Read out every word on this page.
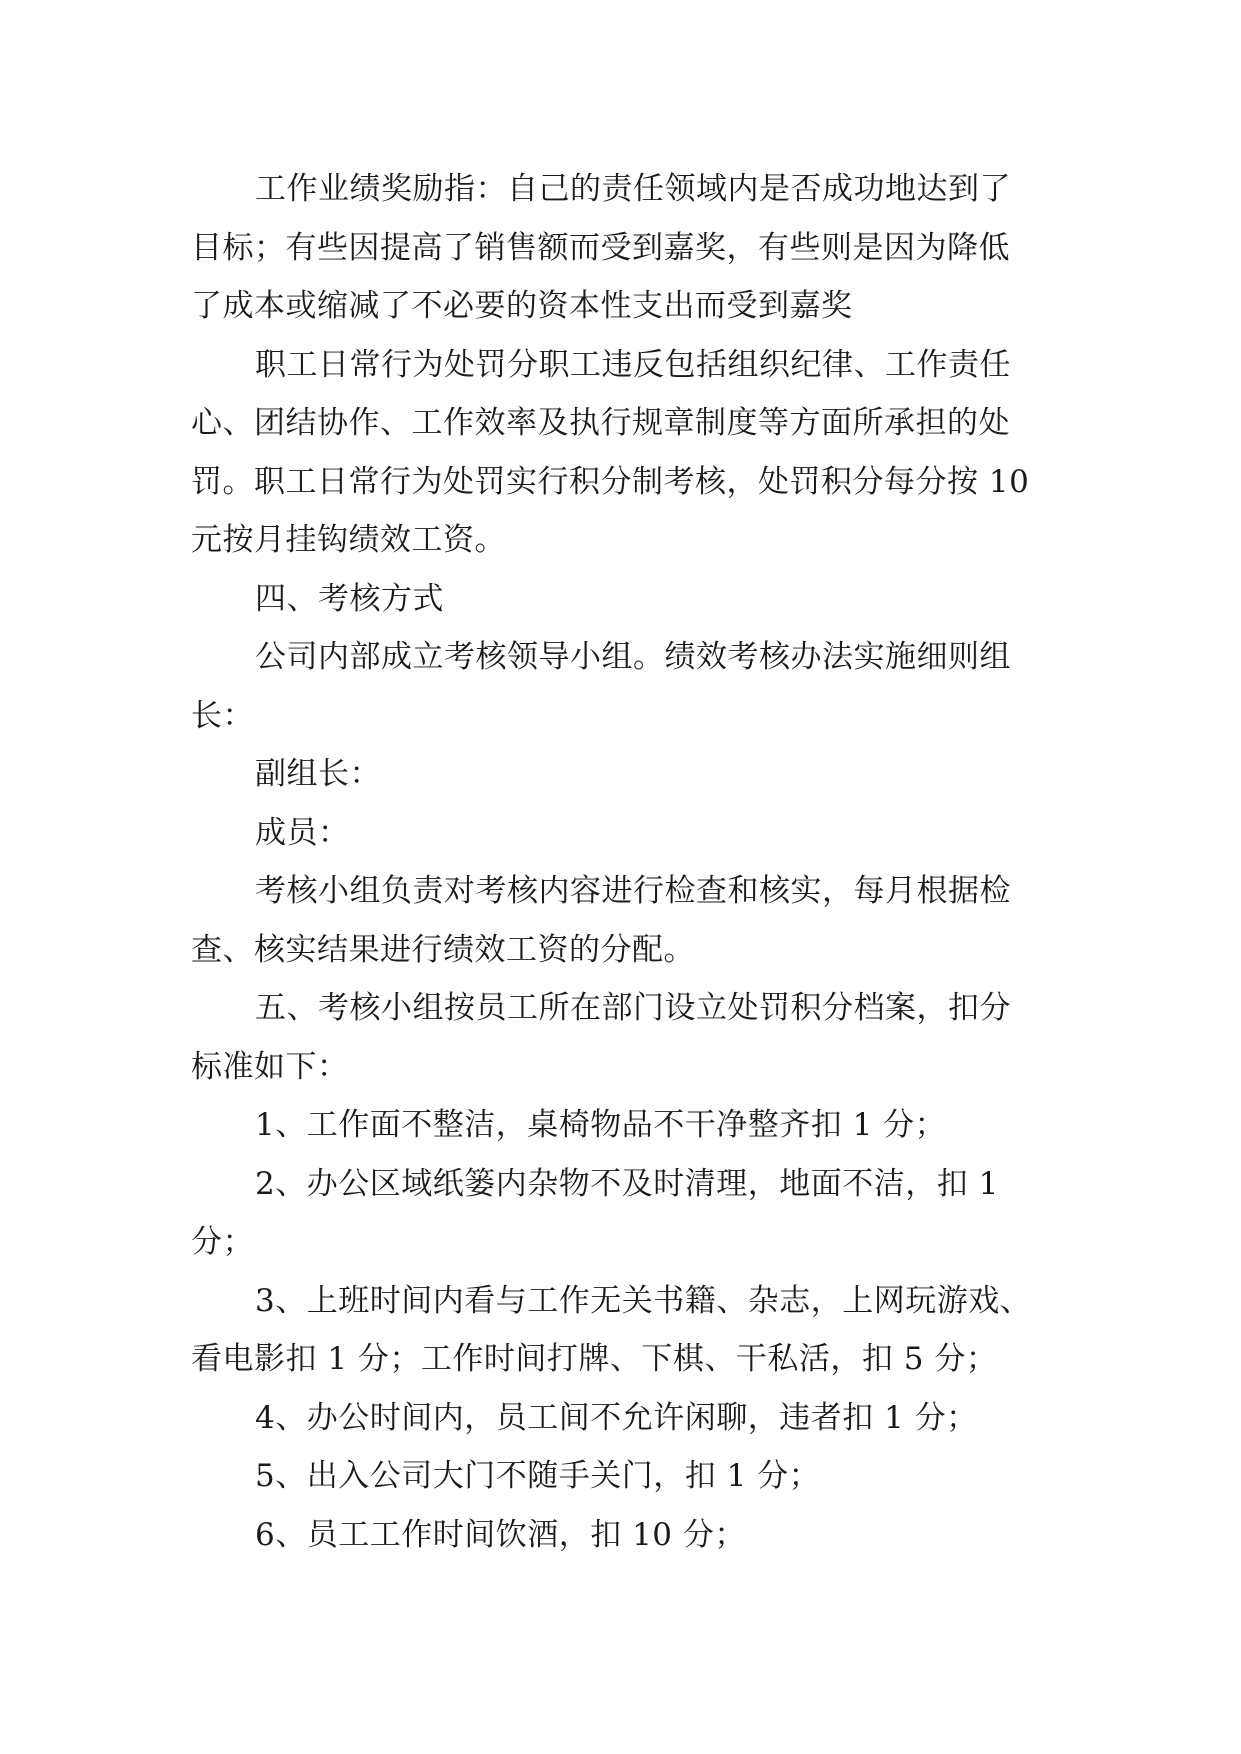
工作业绩奖励指：自己的责任领域内是否成功地达到了

目标；有些因提高了销售额而受到嘉奖，有些则是因为降低

了成本或缩减了不必要的资本性支出而受到嘉奖

职工日常行为处罚分职工违反包括组织纪律、工作责任

心、团结协作、工作效率及执行规章制度等方面所承担的处

罚。职工日常行为处罚实行积分制考核，处罚积分每分按 10

元按月挂钩绩效工资。

四、考核方式

公司内部成立考核领导小组。绩效考核办法实施细则组

长：

副组长：

成员：

考核小组负责对考核内容进行检查和核实，每月根据检

查、核实结果进行绩效工资的分配。

五、考核小组按员工所在部门设立处罚积分档案，扣分

标准如下：

1、工作面不整洁，桌椅物品不干净整齐扣 1 分；

2、办公区域纸篓内杂物不及时清理，地面不洁，扣 1

分；

3、上班时间内看与工作无关书籍、杂志，上网玩游戏、

看电影扣 1 分；工作时间打牌、下棋、干私活，扣 5 分；

4、办公时间内，员工间不允许闲聊，违者扣 1 分；

5、出入公司大门不随手关门，扣 1 分；

6、员工工作时间饮酒，扣 10 分；
